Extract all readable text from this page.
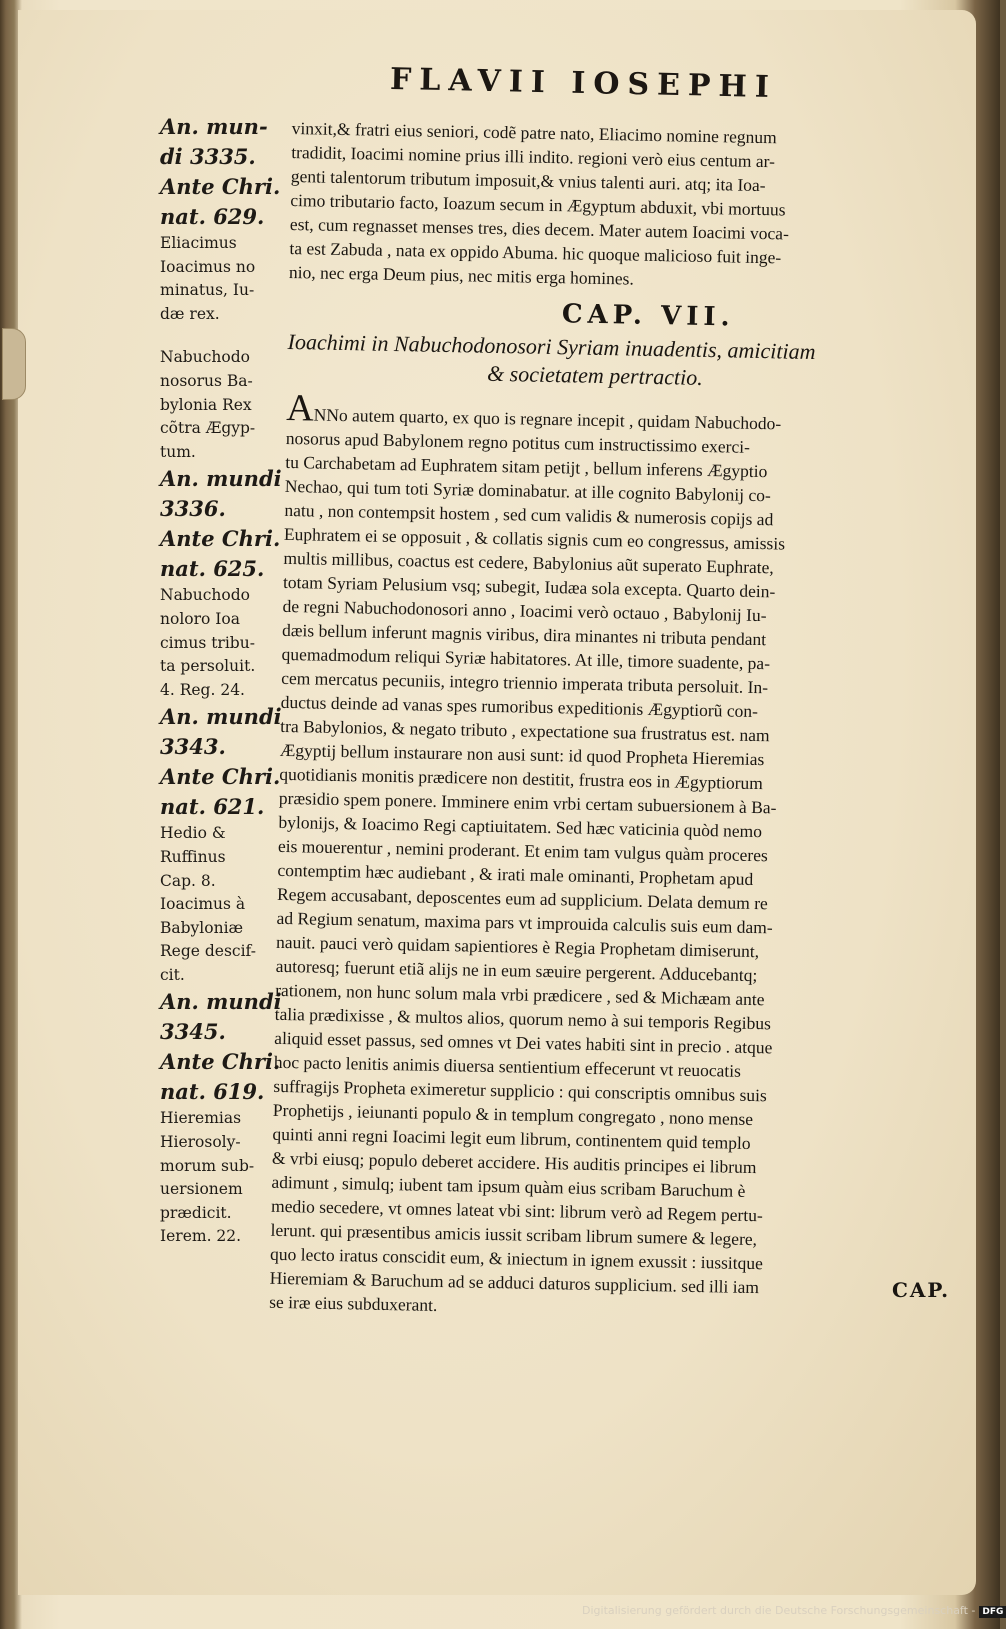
FLAVII IOSEPHI

An. mun-

di 3335.

Ante Chri.

nat. 629.

Eliacimus

Ioacimus no

minatus, Iu-

dæ rex.

Nabuchodo

nosorus Ba-

bylonia Rex

cõtra Ægyp-

tum.

An. mundi

3336.

Ante Chri.

nat. 625.

Nabuchodo

noloro Ioa

cimus tribu-

ta persoluit.

4. Reg. 24.

An. mundi

3343.

Ante Chri.

nat. 621.

Hedio &

Ruffinus

Cap. 8.

Ioacimus à

Babyloniæ

Rege descif-

cit.

An. mundi

3345.

Ante Chri.

nat. 619.

Hieremias

Hierosoly-

morum sub-

uersionem

prædicit.

Ierem. 22.

vinxit,& fratri eius seniori, codẽ patre nato, Eliacimo nomine regnum

tradidit, Ioacimi nomine prius illi indito. regioni verò eius centum ar-

genti talentorum tributum imposuit,& vnius talenti auri. atq; ita Ioa-

cimo tributario facto, Ioazum secum in Ægyptum abduxit, vbi mortuus

est, cum regnasset menses tres, dies decem. Mater autem Ioacimi voca-

ta est Zabuda , nata ex oppido Abuma. hic quoque malicioso fuit inge-

nio, nec erga Deum pius, nec mitis erga homines.

CAP. VII.

Ioachimi in Nabuchodonosori Syriam inuadentis, amicitiam

& societatem pertractio.

ANNo autem quarto, ex quo is regnare incepit , quidam Nabuchodo-

nosorus apud Babylonem regno potitus cum instructissimo exerci-

tu Carchabetam ad Euphratem sitam petijt , bellum inferens Ægyptio

Nechao, qui tum toti Syriæ dominabatur. at ille cognito Babylonij co-

natu , non contempsit hostem , sed cum validis & numerosis copijs ad

Euphratem ei se opposuit , & collatis signis cum eo congressus, amissis

multis millibus, coactus est cedere, Babylonius aũt superato Euphrate,

totam Syriam Pelusium vsq; subegit, Iudæa sola excepta. Quarto dein-

de regni Nabuchodonosori anno , Ioacimi verò octauo , Babylonij Iu-

dæis bellum inferunt magnis viribus, dira minantes ni tributa pendant

quemadmodum reliqui Syriæ habitatores. At ille, timore suadente, pa-

cem mercatus pecuniis, integro triennio imperata tributa persoluit. In-

ductus deinde ad vanas spes rumoribus expeditionis Ægyptiorũ con-

tra Babylonios, & negato tributo , expectatione sua frustratus est. nam

Ægyptij bellum instaurare non ausi sunt: id quod Propheta Hieremias

quotidianis monitis prædicere non destitit, frustra eos in Ægyptiorum

præsidio spem ponere. Imminere enim vrbi certam subuersionem à Ba-

bylonijs, & Ioacimo Regi captiuitatem. Sed hæc vaticinia quòd nemo

eis mouerentur , nemini proderant. Et enim tam vulgus quàm proceres

contemptim hæc audiebant , & irati male ominanti, Prophetam apud

Regem accusabant, deposcentes eum ad supplicium. Delata demum re

ad Regium senatum, maxima pars vt improuida calculis suis eum dam-

nauit. pauci verò quidam sapientiores è Regia Prophetam dimiserunt,

autoresq; fuerunt etiã alijs ne in eum sæuire pergerent. Adducebantq;

rationem, non hunc solum mala vrbi prædicere , sed & Michæam ante

talia prædixisse , & multos alios, quorum nemo à sui temporis Regibus

aliquid esset passus, sed omnes vt Dei vates habiti sint in precio . atque

hoc pacto lenitis animis diuersa sentientium effecerunt vt reuocatis

suffragijs Propheta eximeretur supplicio : qui conscriptis omnibus suis

Prophetijs , ieiunanti populo & in templum congregato , nono mense

quinti anni regni Ioacimi legit eum librum, continentem quid templo

& vrbi eiusq; populo deberet accidere. His auditis principes ei librum

adimunt , simulq; iubent tam ipsum quàm eius scribam Baruchum è

medio secedere, vt omnes lateat vbi sint: librum verò ad Regem pertu-

lerunt. qui præsentibus amicis iussit scribam librum sumere & legere,

quo lecto iratus conscidit eum, & iniectum in ignem exussit : iussitque

Hieremiam & Baruchum ad se adduci daturos supplicium. sed illi iam

se iræ eius subduxerant.

CAP.
Digitalisierung gefördert durch die Deutsche Forschungsgemeinschaft - DFG
